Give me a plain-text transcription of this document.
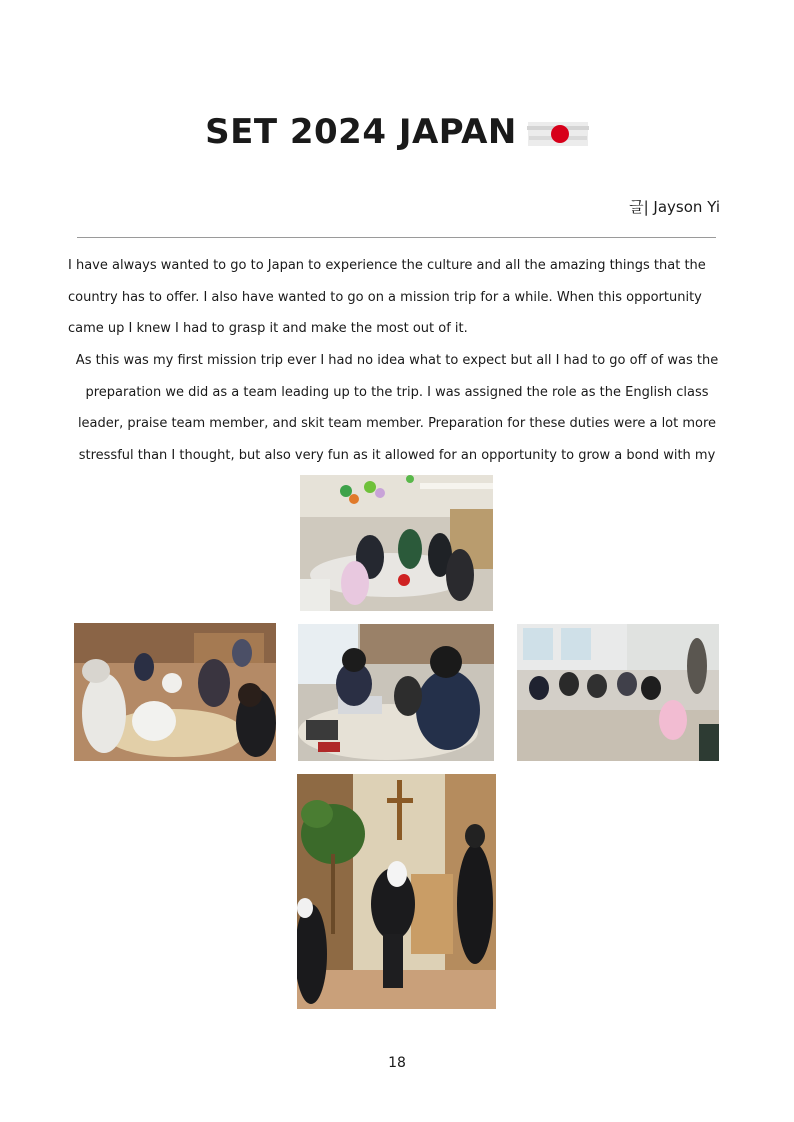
SET 2024 JAPAN
글| Jayson Yi
I have always wanted to go to Japan to experience the culture and all the amazing things that the country has to offer. I also have wanted to go on a mission trip for a while. When this opportunity came up I knew I had to grasp it and make the most out of it.
As this was my first mission trip ever I had no idea what to expect but all I had to go off of was the preparation we did as a team leading up to the trip. I was assigned the role as the English class leader, praise team member, and skit team member. Preparation for these duties were a lot more stressful than I thought, but also very fun as it allowed for an opportunity to grow a bond with my
18
